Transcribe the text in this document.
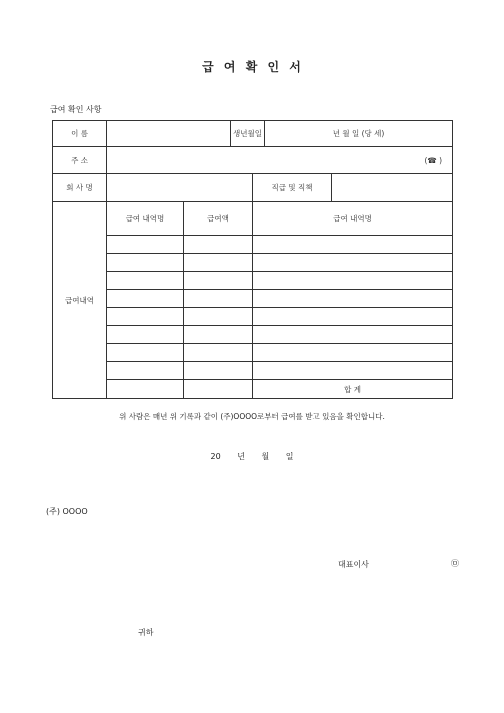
급 여 확 인 서
급여 확인 사항
이 름			생년월일		년 월 일 (당 세)		
주 소	(☎ )						
회 사 명				직급 및 직책			
급여내역	급여 내역명	급여액		급여 내역명	

				합 계			
위 사람은 매년 위 기록과 같이 (주)OOOO로부터 급여를 받고 있음을 확인합니다.
20 년 월 일
(주) OOOO
대표이사	㉤
귀하
